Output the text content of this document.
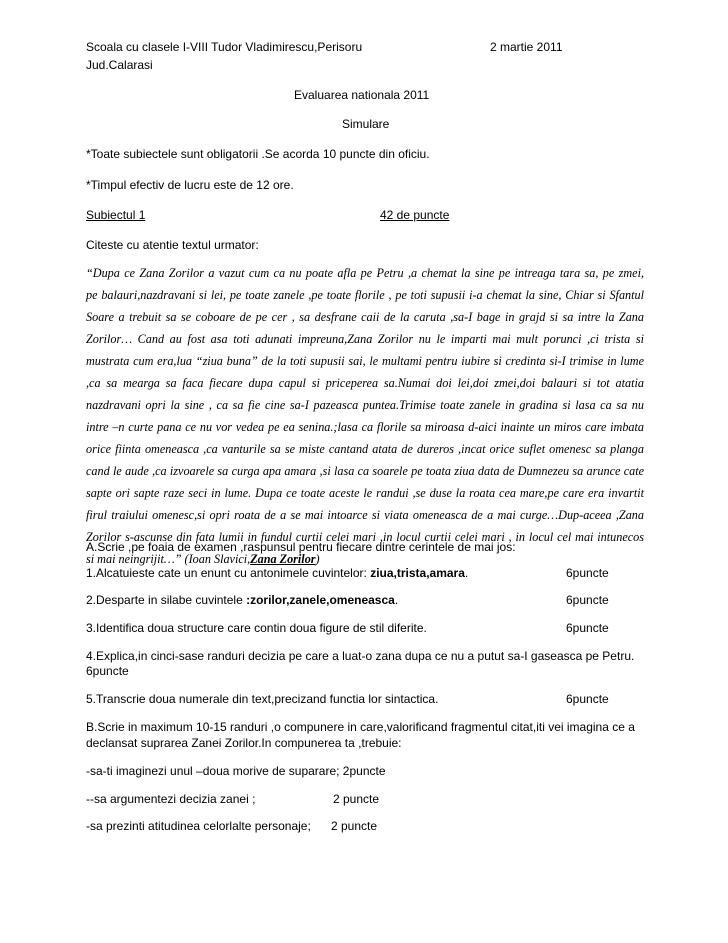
Scoala cu clasele I-VIII Tudor Vladimirescu,Perisoru	2 martie 2011
Jud.Calarasi
Evaluarea nationala 2011
Simulare
*Toate subiectele sunt obligatorii .Se acorda 10 puncte din oficiu.
*Timpul efectiv de lucru este de 12 ore.
Subiectul 1	42 de puncte
Citeste cu atentie textul urmator:
“Dupa ce Zana Zorilor a vazut cum ca nu poate afla pe Petru ,a chemat la sine pe intreaga tara sa, pe zmei,
pe balauri,nazdravani si lei, pe toate zanele ,pe toate florile , pe toti supusii i-a chemat la sine, Chiar si Sfantul
Soare a trebuit sa se coboare de pe cer , sa desfrane caii de la caruta ,sa-I bage in grajd si sa intre la Zana
Zorilor… Cand au fost asa toti adunati impreuna,Zana Zorilor nu le imparti mai mult porunci ,ci trista si
mustrata cum era,lua “ziua buna” de la toti supusii sai, le multami pentru iubire si credinta si-I trimise in lume
,ca sa mearga sa faca fiecare dupa capul si priceperea sa.Numai doi lei,doi zmei,doi balauri si tot atatia
nazdravani opri la sine , ca sa fie cine sa-I pazeasca puntea.Trimise toate zanele in gradina si lasa ca sa nu
intre –n curte pana ce nu vor vedea pe ea senina.;lasa ca florile sa miroasa d-aici inainte un miros care imbata
orice fiinta omeneasca ,ca vanturile sa se miste cantand atata de dureros ,incat orice suflet omenesc sa planga
cand le aude ,ca izvoarele sa curga apa amara ,si lasa ca soarele pe toata ziua data de Dumnezeu sa arunce cate
sapte ori sapte raze seci in lume. Dupa ce toate aceste le randui ,se duse la roata cea mare,pe care era invartit
firul traiului omenesc,si opri roata de a se mai intoarce si viata omeneasca de a mai curge…Dup-aceea ,Zana
Zorilor s-ascunse din fata lumii in fundul curtii celei mari ,in locul curtii celei mari , in locul cel mai intunecos
si mai neingrijit…” (Ioan Slavici,Zana Zorilor)
A.Scrie ,pe foaia de examen ,raspunsul pentru fiecare dintre cerintele de mai jos:
1.Alcatuieste cate un enunt cu antonimele cuvintelor: ziua,trista,amara.	6puncte
2.Desparte in silabe cuvintele :zorilor,zanele,omeneasca.	6puncte
3.Identifica doua structure care contin doua figure de stil diferite.	6puncte
4.Explica,in cinci-sase randuri decizia pe care a luat-o zana dupa ce nu a putut sa-I gaseasca pe Petru.
6puncte
5.Transcrie doua numerale din text,precizand functia lor sintactica.	6puncte
B.Scrie in maximum 10-15 randuri ,o compunere in care,valorificand fragmentul citat,iti vei imagina ce a
declansat suprarea Zanei Zorilor.In compunerea ta ,trebuie:
-sa-ti imaginezi unul –doua morive de suparare; 2puncte
--sa argumentezi decizia zanei ;	2 puncte
-sa prezinti atitudinea celorlalte personaje; 2 puncte
